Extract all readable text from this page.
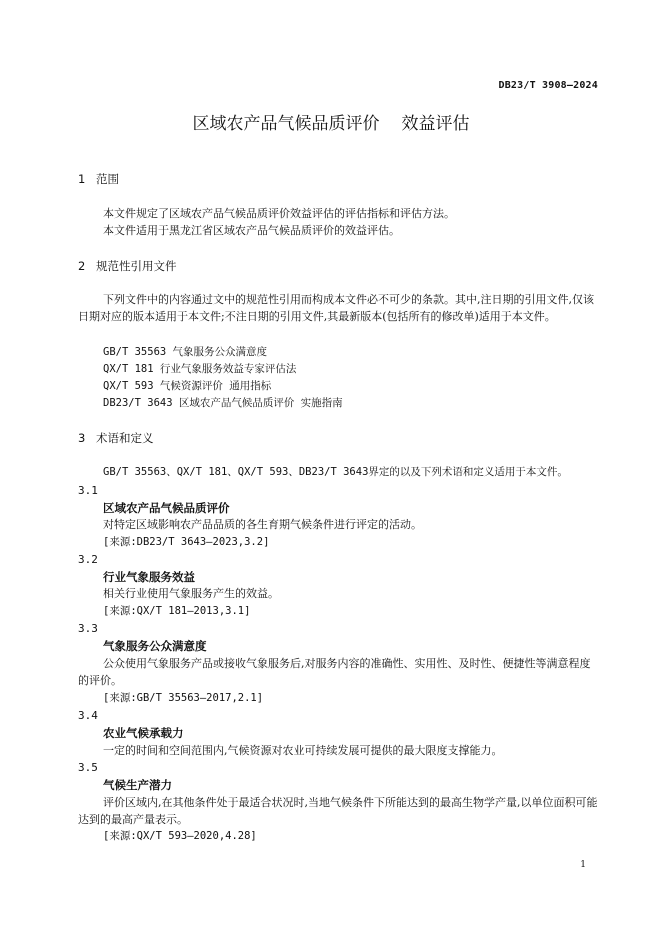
DB23/T 3908—2024
区域农产品气候品质评价 效益评估
1 范围
本文件规定了区域农产品气候品质评价效益评估的评估指标和评估方法。
本文件适用于黑龙江省区域农产品气候品质评价的效益评估。
2 规范性引用文件
下列文件中的内容通过文中的规范性引用而构成本文件必不可少的条款。其中,注日期的引用文件,仅该日期对应的版本适用于本文件;不注日期的引用文件,其最新版本(包括所有的修改单)适用于本文件。
GB/T 35563 气象服务公众满意度
QX/T 181 行业气象服务效益专家评估法
QX/T 593 气候资源评价 通用指标
DB23/T 3643 区域农产品气候品质评价 实施指南
3 术语和定义
GB/T 35563、QX/T 181、QX/T 593、DB23/T 3643界定的以及下列术语和定义适用于本文件。
3.1
区域农产品气候品质评价
对特定区域影响农产品品质的各生育期气候条件进行评定的活动。
[来源:DB23/T 3643—2023,3.2]
3.2
行业气象服务效益
相关行业使用气象服务产生的效益。
[来源:QX/T 181—2013,3.1]
3.3
气象服务公众满意度
公众使用气象服务产品或接收气象服务后,对服务内容的准确性、实用性、及时性、便捷性等满意程度的评价。
[来源:GB/T 35563—2017,2.1]
3.4
农业气候承载力
一定的时间和空间范围内,气候资源对农业可持续发展可提供的最大限度支撑能力。
3.5
气候生产潜力
评价区域内,在其他条件处于最适合状况时,当地气候条件下所能达到的最高生物学产量,以单位面积可能达到的最高产量表示。
[来源:QX/T 593—2020,4.28]
1
